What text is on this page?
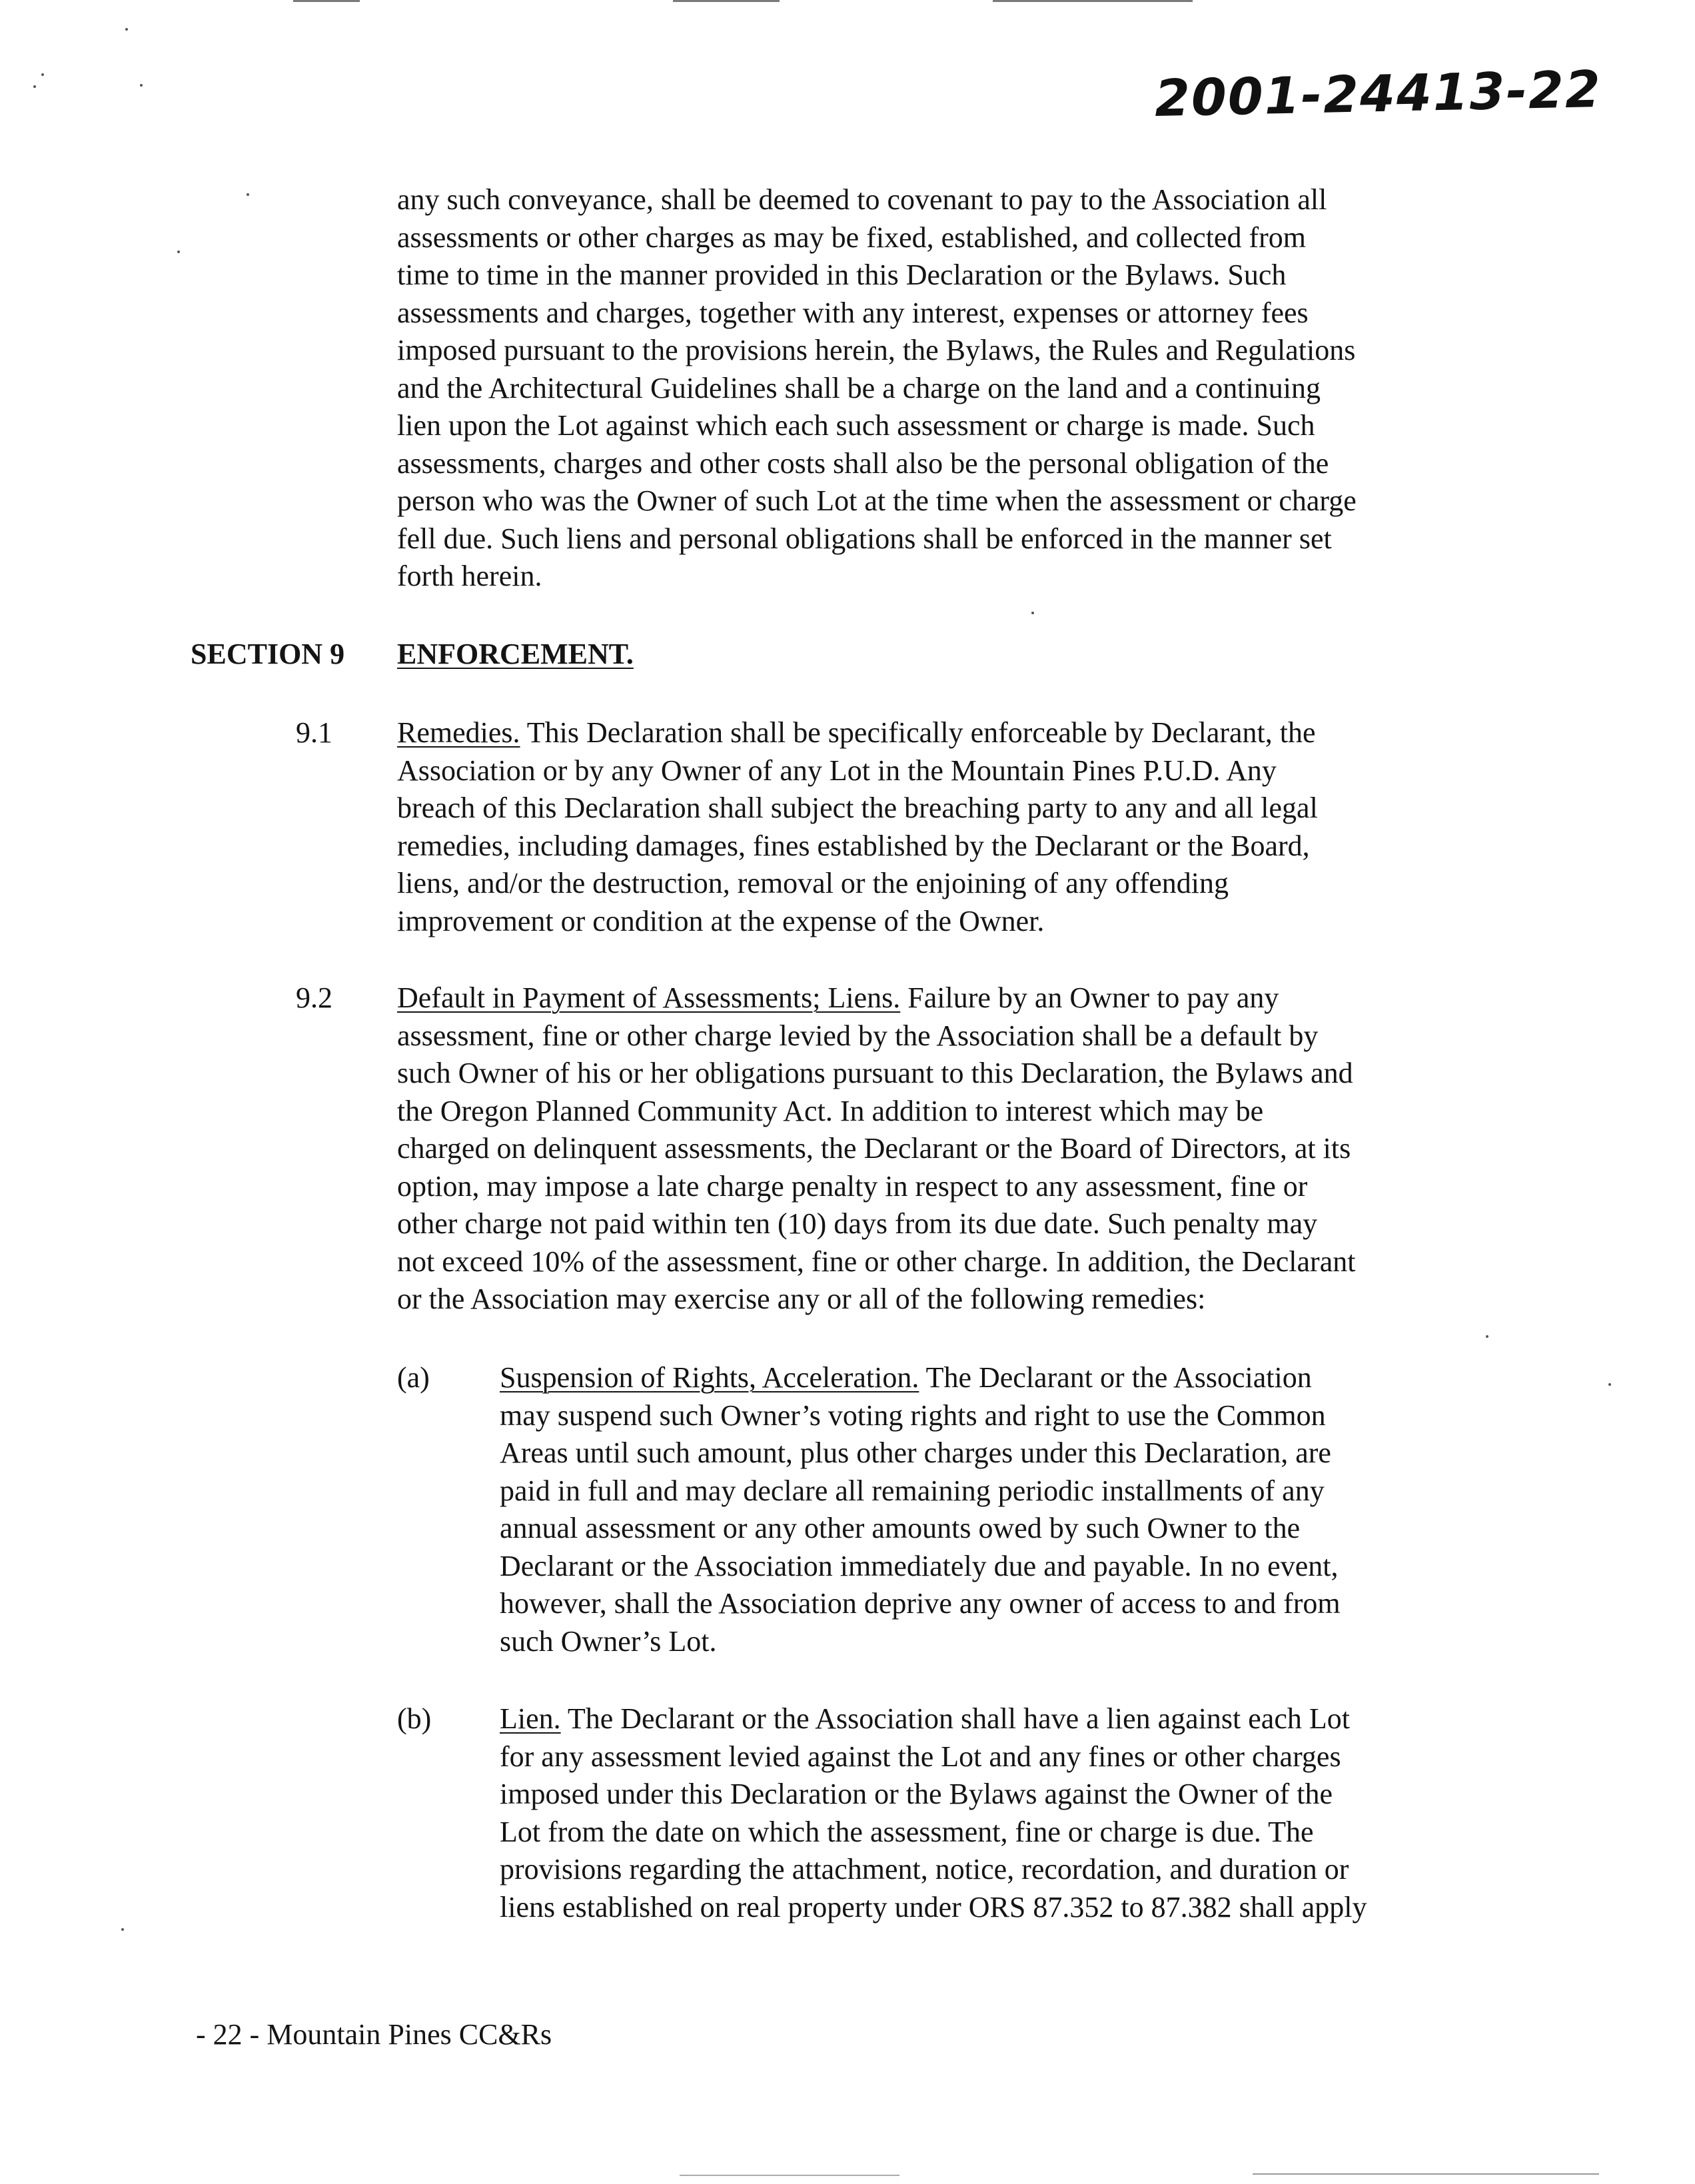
2001-24413-22
any such conveyance, shall be deemed to covenant to pay to the Association all
assessments or other charges as may be fixed, established, and collected from
time to time in the manner provided in this Declaration or the Bylaws. Such
assessments and charges, together with any interest, expenses or attorney fees
imposed pursuant to the provisions herein, the Bylaws, the Rules and Regulations
and the Architectural Guidelines shall be a charge on the land and a continuing
lien upon the Lot against which each such assessment or charge is made. Such
assessments, charges and other costs shall also be the personal obligation of the
person who was the Owner of such Lot at the time when the assessment or charge
fell due. Such liens and personal obligations shall be enforced in the manner set
forth herein.
SECTION 9 ENFORCEMENT.
9.1 Remedies. This Declaration shall be specifically enforceable by Declarant, the
Association or by any Owner of any Lot in the Mountain Pines P.U.D. Any
breach of this Declaration shall subject the breaching party to any and all legal
remedies, including damages, fines established by the Declarant or the Board,
liens, and/or the destruction, removal or the enjoining of any offending
improvement or condition at the expense of the Owner.
9.2 Default in Payment of Assessments; Liens. Failure by an Owner to pay any
assessment, fine or other charge levied by the Association shall be a default by
such Owner of his or her obligations pursuant to this Declaration, the Bylaws and
the Oregon Planned Community Act. In addition to interest which may be
charged on delinquent assessments, the Declarant or the Board of Directors, at its
option, may impose a late charge penalty in respect to any assessment, fine or
other charge not paid within ten (10) days from its due date. Such penalty may
not exceed 10% of the assessment, fine or other charge. In addition, the Declarant
or the Association may exercise any or all of the following remedies:
(a) Suspension of Rights, Acceleration. The Declarant or the Association
may suspend such Owner’s voting rights and right to use the Common
Areas until such amount, plus other charges under this Declaration, are
paid in full and may declare all remaining periodic installments of any
annual assessment or any other amounts owed by such Owner to the
Declarant or the Association immediately due and payable. In no event,
however, shall the Association deprive any owner of access to and from
such Owner’s Lot.
(b) Lien. The Declarant or the Association shall have a lien against each Lot
for any assessment levied against the Lot and any fines or other charges
imposed under this Declaration or the Bylaws against the Owner of the
Lot from the date on which the assessment, fine or charge is due. The
provisions regarding the attachment, notice, recordation, and duration or
liens established on real property under ORS 87.352 to 87.382 shall apply
- 22 - Mountain Pines CC&Rs
